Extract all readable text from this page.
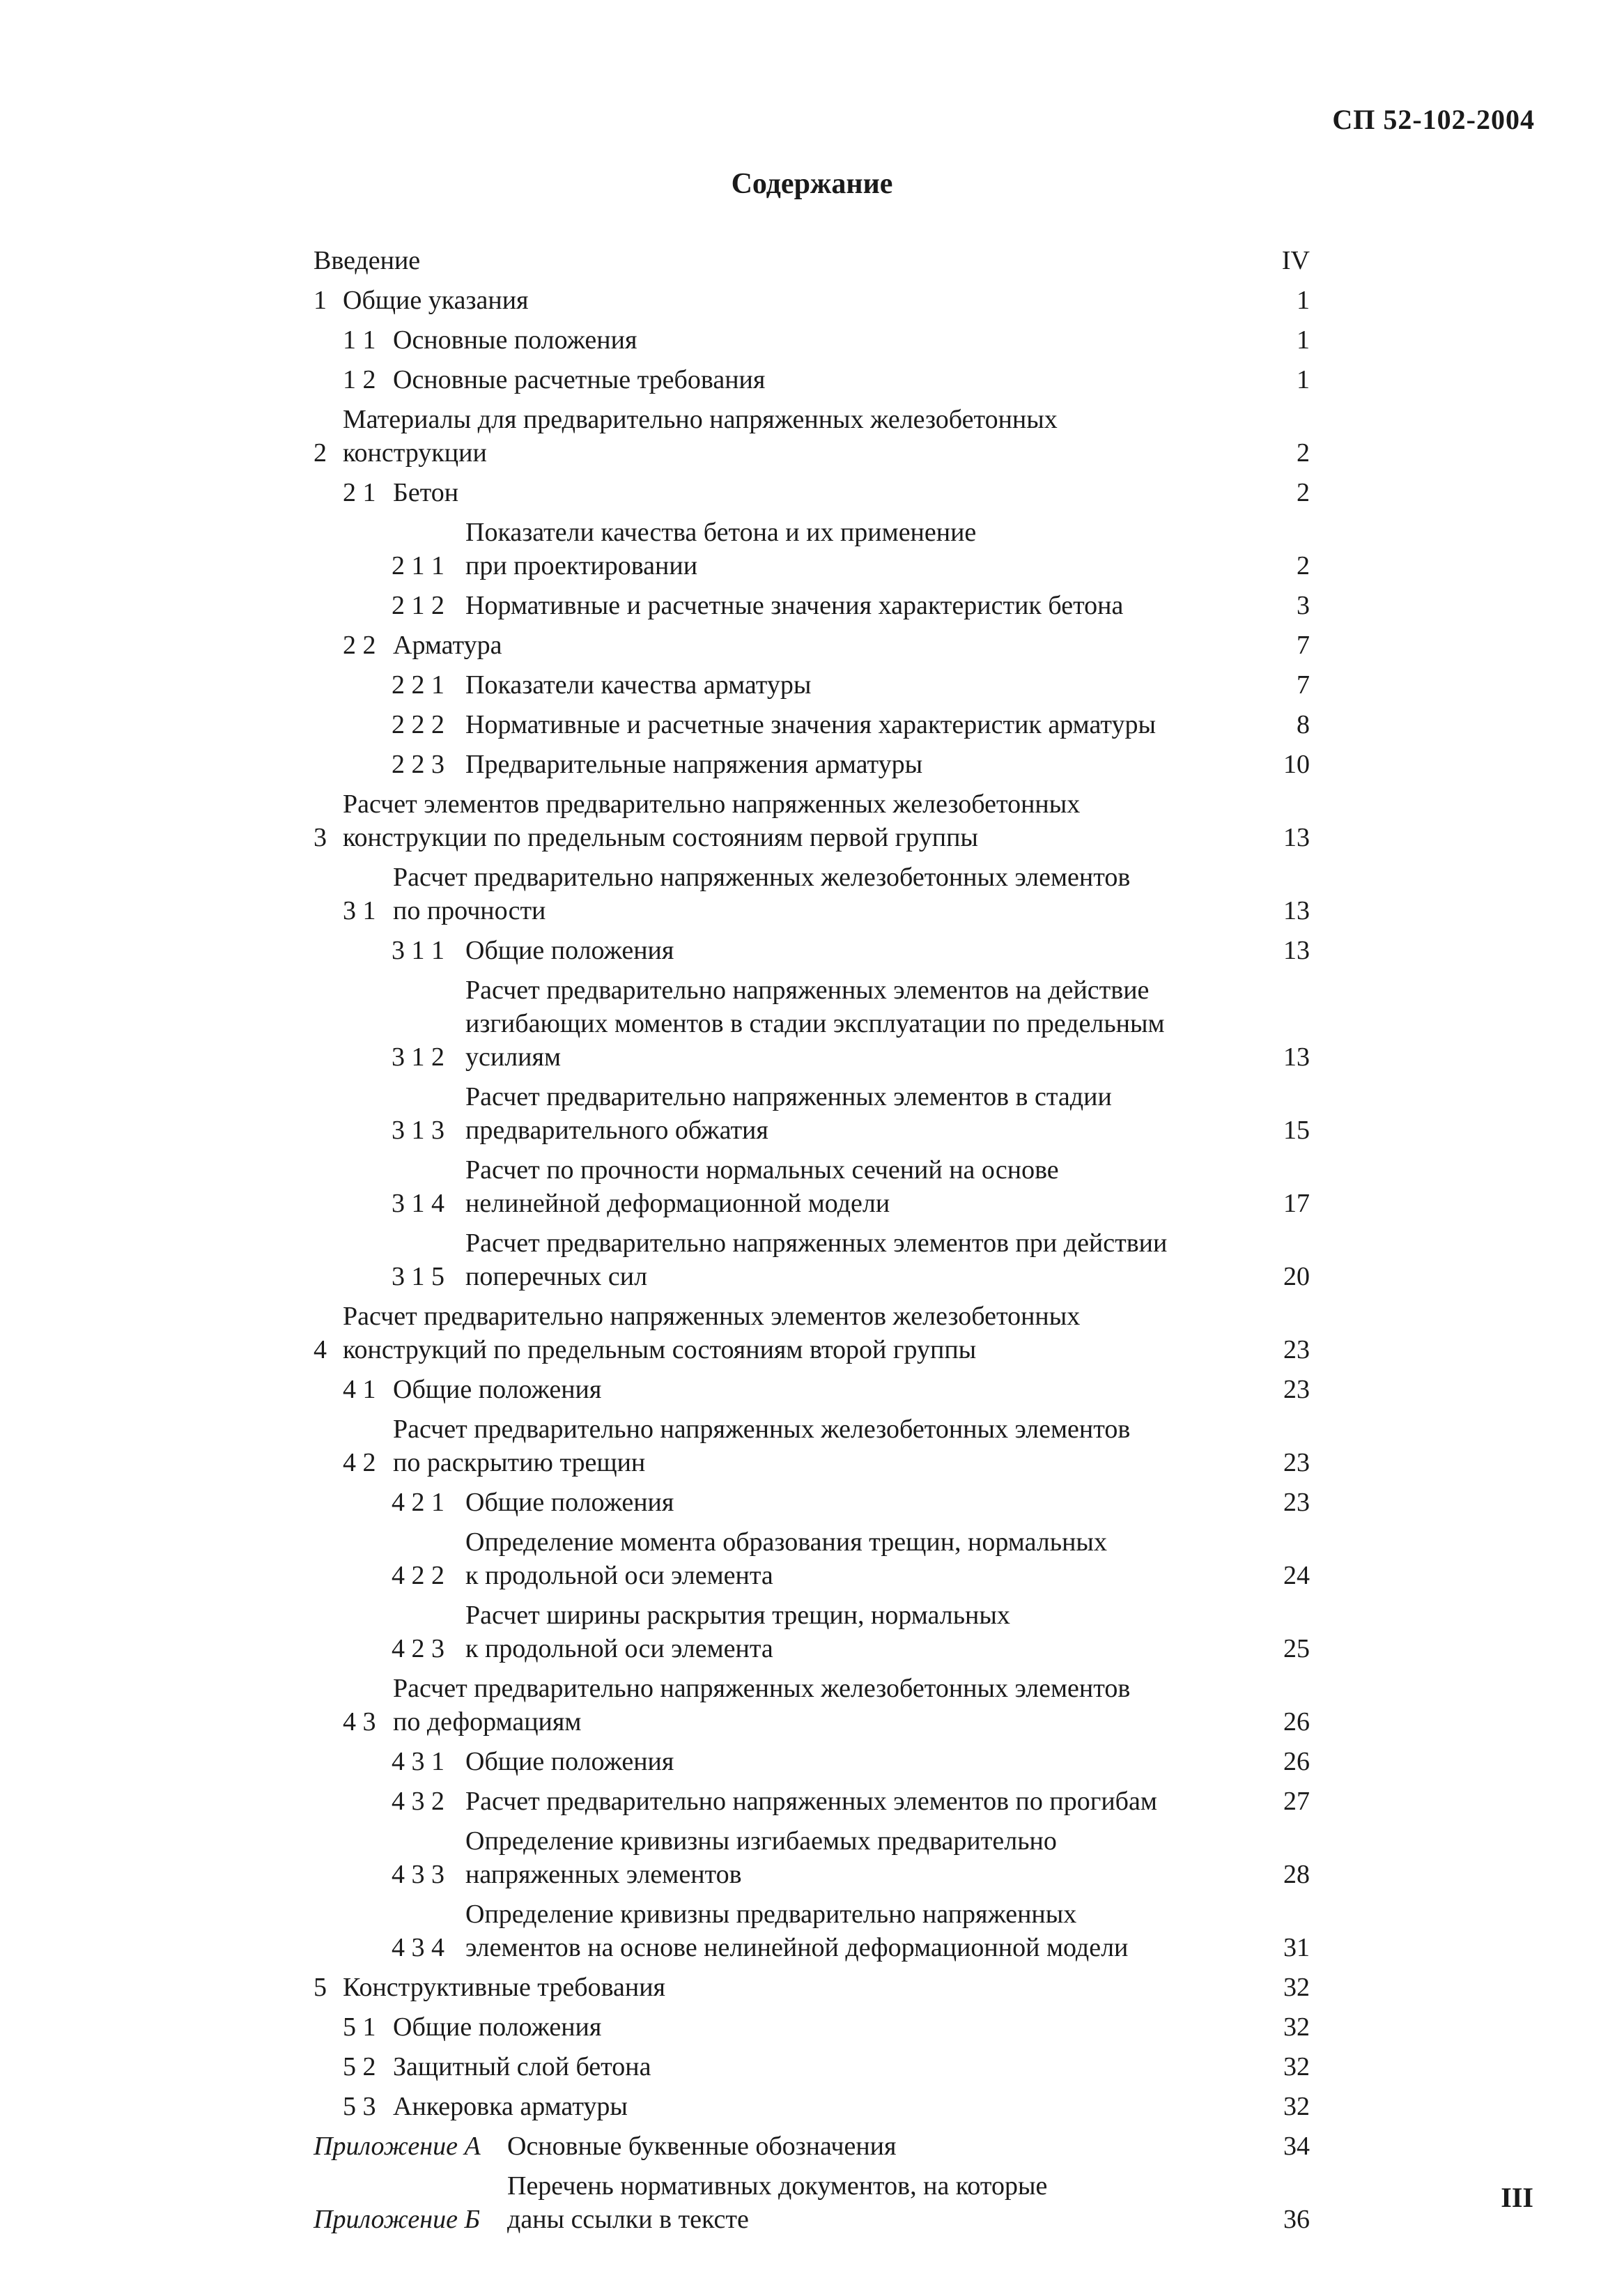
СП 52-102-2004
Содержание
Введение	IV
1 Общие указания	1
1 1 Основные положения	1
1 2 Основные расчетные требования	1
2
Материалы для предварительно напряженных железобетонных
конструкции	2
2 1 Бетон	2
2 1 1
Показатели качества бетона и их применение
при проектировании	2
2 1 2 Нормативные и расчетные значения характеристик бетона	3
2 2 Арматура	7
2 2 1 Показатели качества арматуры	7
2 2 2 Нормативные и расчетные значения характеристик арматуры	8
2 2 3 Предварительные напряжения арматуры	10
3
Расчет элементов предварительно напряженных железобетонных
конструкции по предельным состояниям первой группы	13
3 1
Расчет предварительно напряженных железобетонных элементов
по прочности	13
3 1 1 Общие положения	13
3 1 2
Расчет предварительно напряженных элементов на действие
изгибающих моментов в стадии эксплуатации по предельным
усилиям	13
3 1 3
Расчет предварительно напряженных элементов в стадии
предварительного обжатия	15
3 1 4
Расчет по прочности нормальных сечений на основе
нелинейной деформационной модели	17
3 1 5
Расчет предварительно напряженных элементов при действии
поперечных сил	20
4
Расчет предварительно напряженных элементов железобетонных
конструкций по предельным состояниям второй группы	23
4 1 Общие положения	23
4 2
Расчет предварительно напряженных железобетонных элементов
по раскрытию трещин	23
4 2 1 Общие положения	23
4 2 2
Определение момента образования трещин, нормальных
к продольной оси элемента	24
4 2 3
Расчет ширины раскрытия трещин, нормальных
к продольной оси элемента	25
4 3
Расчет предварительно напряженных железобетонных элементов
по деформациям	26
4 3 1 Общие положения	26
4 3 2 Расчет предварительно напряженных элементов по прогибам	27
4 3 3
Определение кривизны изгибаемых предварительно
напряженных элементов	28
4 3 4
Определение кривизны предварительно напряженных
элементов на основе нелинейной деформационной модели	31
5 Конструктивные требования	32
5 1 Общие положения	32
5 2 Защитный слой бетона	32
5 3 Анкеровка арматуры	32
Приложение А	Основные буквенные обозначения	34
Приложение Б
Перечень нормативных документов, на которые
даны ссылки в тексте	36
III
